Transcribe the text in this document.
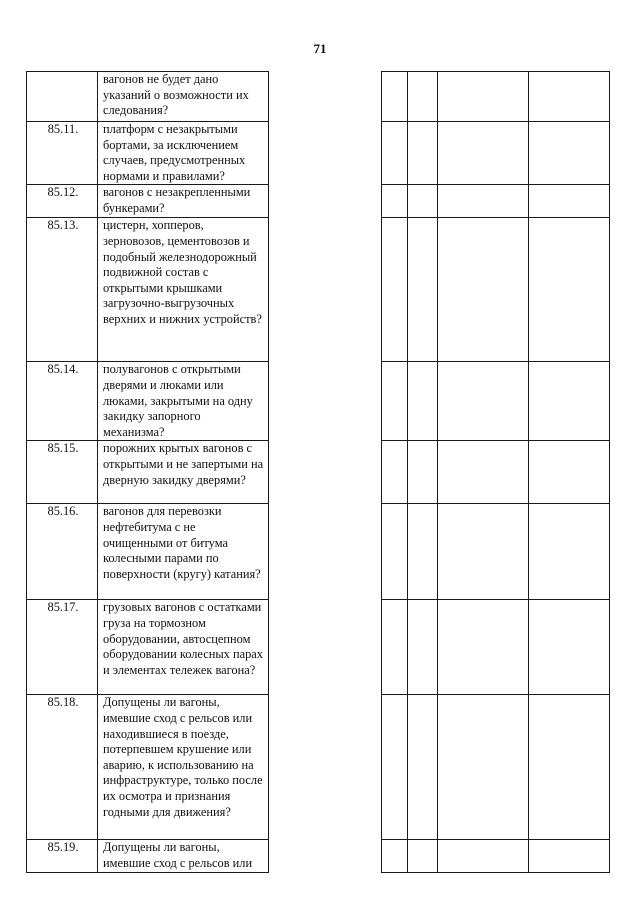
71
	вагонов не будет дано указаний о возможности их следования?					
85.11.	платформ с незакрытыми бортами, за исключением случаев, предусмотренных нормами и правилами?					
85.12.	вагонов с незакрепленными бункерами?					
85.13.	цистерн, хопперов, зерновозов, цементовозов и подобный железнодорожный подвижной состав с открытыми крышками загрузочно-выгрузочных верхних и нижних устройств?					
85.14.	полувагонов с открытыми дверями и люками или люками, закрытыми на одну закидку запорного механизма?					
85.15.	порожних крытых вагонов с открытыми и не запертыми на дверную закидку дверями?					
85.16.	вагонов для перевозки нефтебитума с не очищенными от битума колесными парами по поверхности (кругу) катания?					
85.17.	грузовых вагонов с остатками груза на тормозном оборудовании, автосцепном оборудовании колесных парах и элементах тележек вагона?					
85.18.	Допущены ли вагоны, имевшие сход с рельсов или находившиеся в поезде, потерпевшем крушение или аварию, к использованию на инфраструктуре, только после их осмотра и признания годными для движения?					
85.19.	Допущены ли вагоны, имевшие сход с рельсов или					
